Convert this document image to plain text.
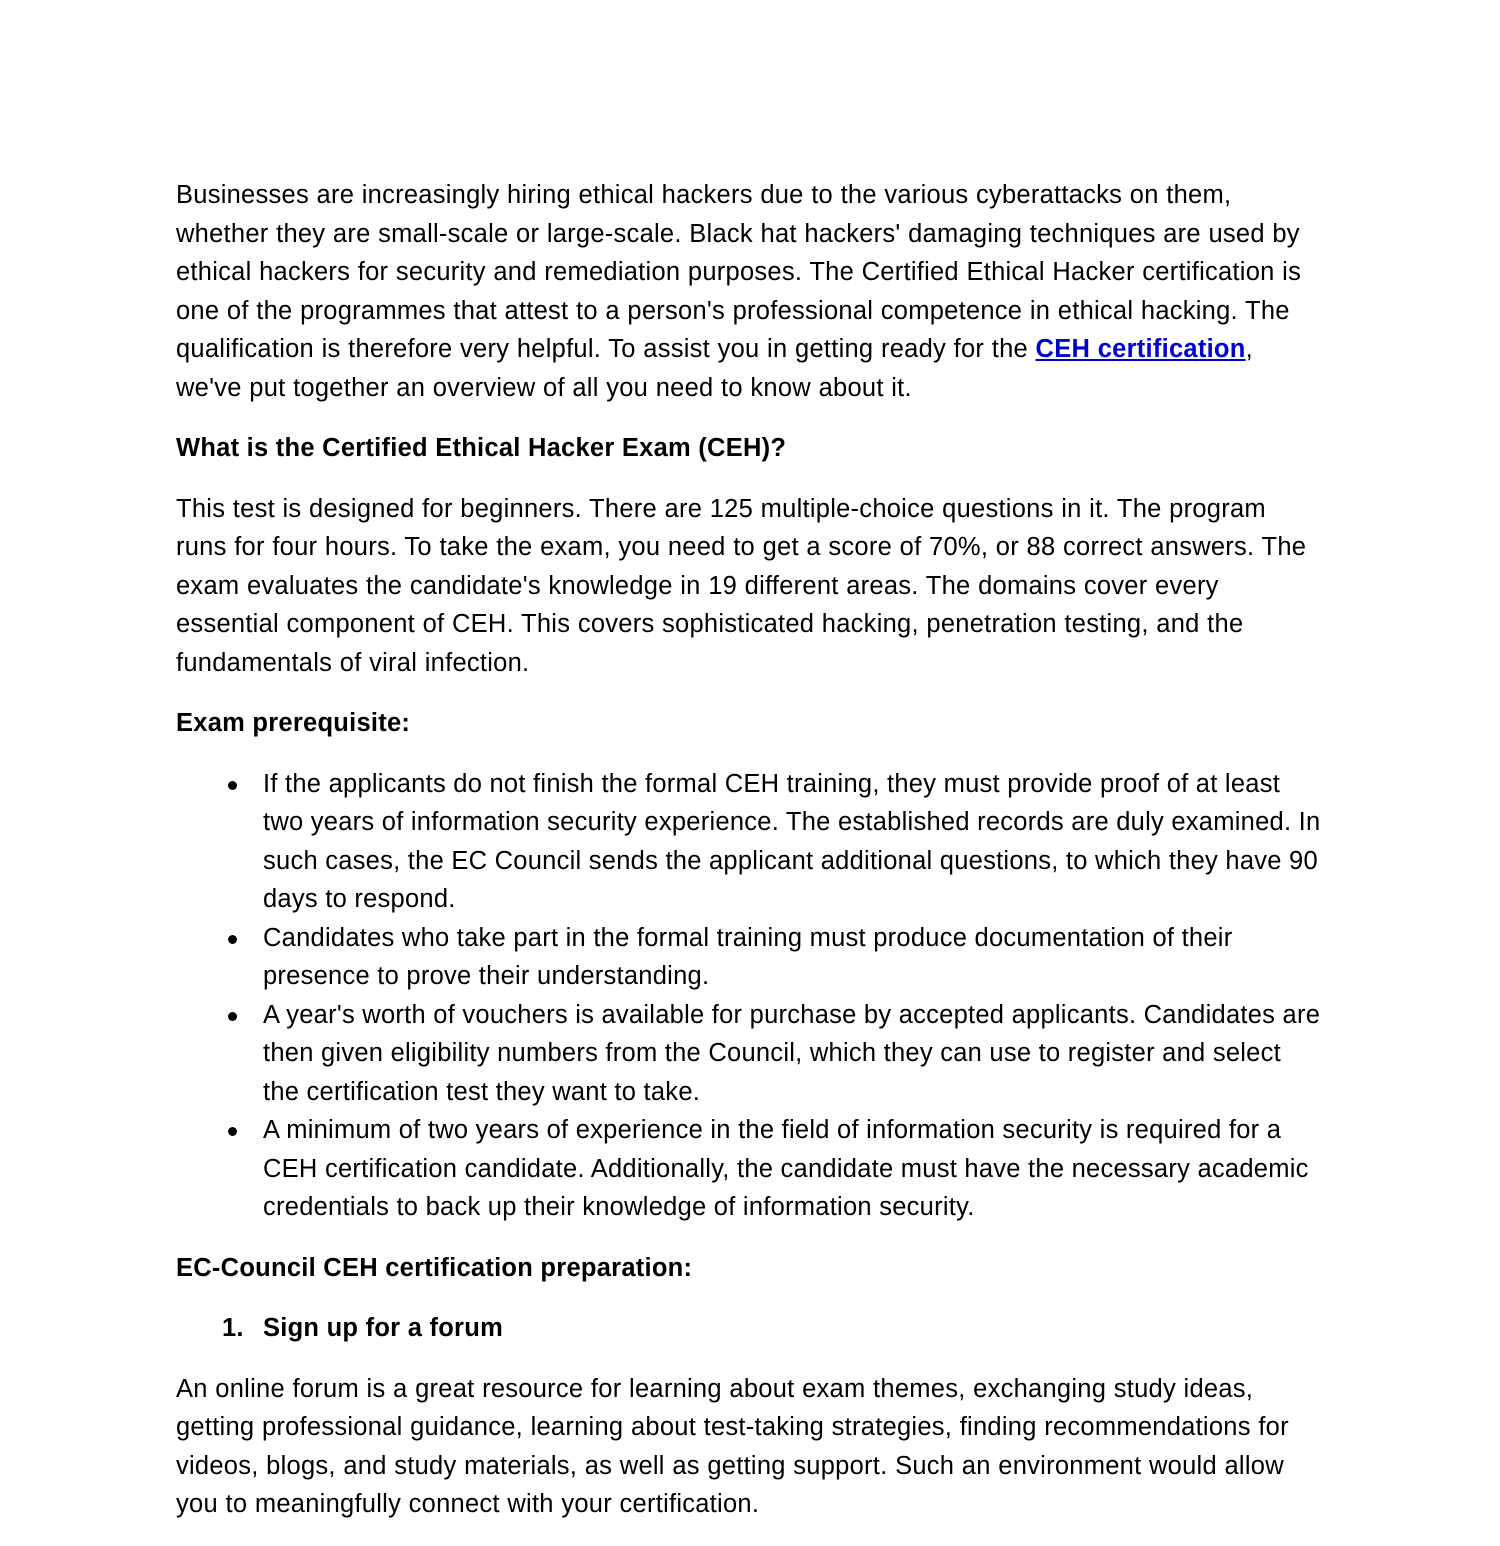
Businesses are increasingly hiring ethical hackers due to the various cyberattacks on them, whether they are small-scale or large-scale. Black hat hackers' damaging techniques are used by ethical hackers for security and remediation purposes. The Certified Ethical Hacker certification is one of the programmes that attest to a person's professional competence in ethical hacking. The qualification is therefore very helpful. To assist you in getting ready for the CEH certification, we've put together an overview of all you need to know about it.

What is the Certified Ethical Hacker Exam (CEH)?

This test is designed for beginners. There are 125 multiple-choice questions in it. The program runs for four hours. To take the exam, you need to get a score of 70%, or 88 correct answers. The exam evaluates the candidate's knowledge in 19 different areas. The domains cover every essential component of CEH. This covers sophisticated hacking, penetration testing, and the fundamentals of viral infection.

Exam prerequisite:
If the applicants do not finish the formal CEH training, they must provide proof of at least two years of information security experience. The established records are duly examined. In such cases, the EC Council sends the applicant additional questions, to which they have 90 days to respond.
Candidates who take part in the formal training must produce documentation of their presence to prove their understanding.
A year's worth of vouchers is available for purchase by accepted applicants. Candidates are then given eligibility numbers from the Council, which they can use to register and select the certification test they want to take.
A minimum of two years of experience in the field of information security is required for a CEH certification candidate. Additionally, the candidate must have the necessary academic credentials to back up their knowledge of information security.
EC-Council CEH certification preparation:
1. Sign up for a forum

An online forum is a great resource for learning about exam themes, exchanging study ideas, getting professional guidance, learning about test-taking strategies, finding recommendations for videos, blogs, and study materials, as well as getting support. Such an environment would allow you to meaningfully connect with your certification.
